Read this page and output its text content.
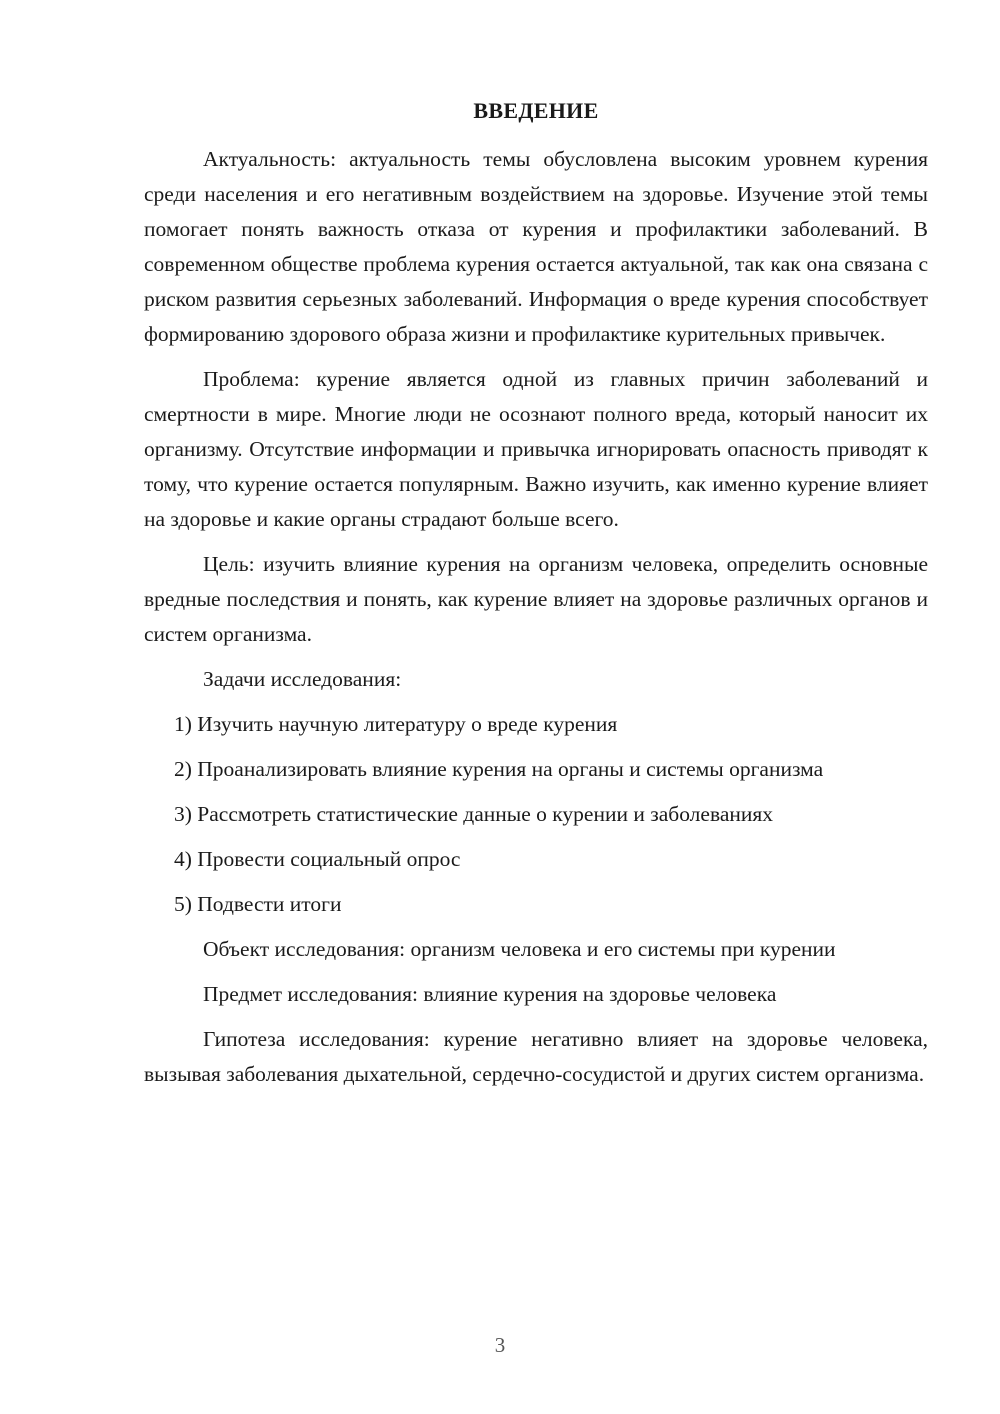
ВВЕДЕНИЕ

Актуальность: актуальность темы обусловлена высоким уровнем курения среди населения и его негативным воздействием на здоровье. Изучение этой темы помогает понять важность отказа от курения и профилактики заболеваний. В современном обществе проблема курения остается актуальной, так как она связана с риском развития серьезных заболеваний. Информация о вреде курения способствует формированию здорового образа жизни и профилактике курительных привычек.

Проблема: курение является одной из главных причин заболеваний и смертности в мире. Многие люди не осознают полного вреда, который наносит их организму. Отсутствие информации и привычка игнорировать опасность приводят к тому, что курение остается популярным. Важно изучить, как именно курение влияет на здоровье и какие органы страдают больше всего.

Цель: изучить влияние курения на организм человека, определить основные вредные последствия и понять, как курение влияет на здоровье различных органов и систем организма.

Задачи исследования:

1) Изучить научную литературу о вреде курения

2) Проанализировать влияние курения на органы и системы организма

3) Рассмотреть статистические данные о курении и заболеваниях

4) Провести социальный опрос

5) Подвести итоги

Объект исследования: организм человека и его системы при курении

Предмет исследования: влияние курения на здоровье человека

Гипотеза исследования: курение негативно влияет на здоровье человека, вызывая заболевания дыхательной, сердечно-сосудистой и других систем организма.

3
